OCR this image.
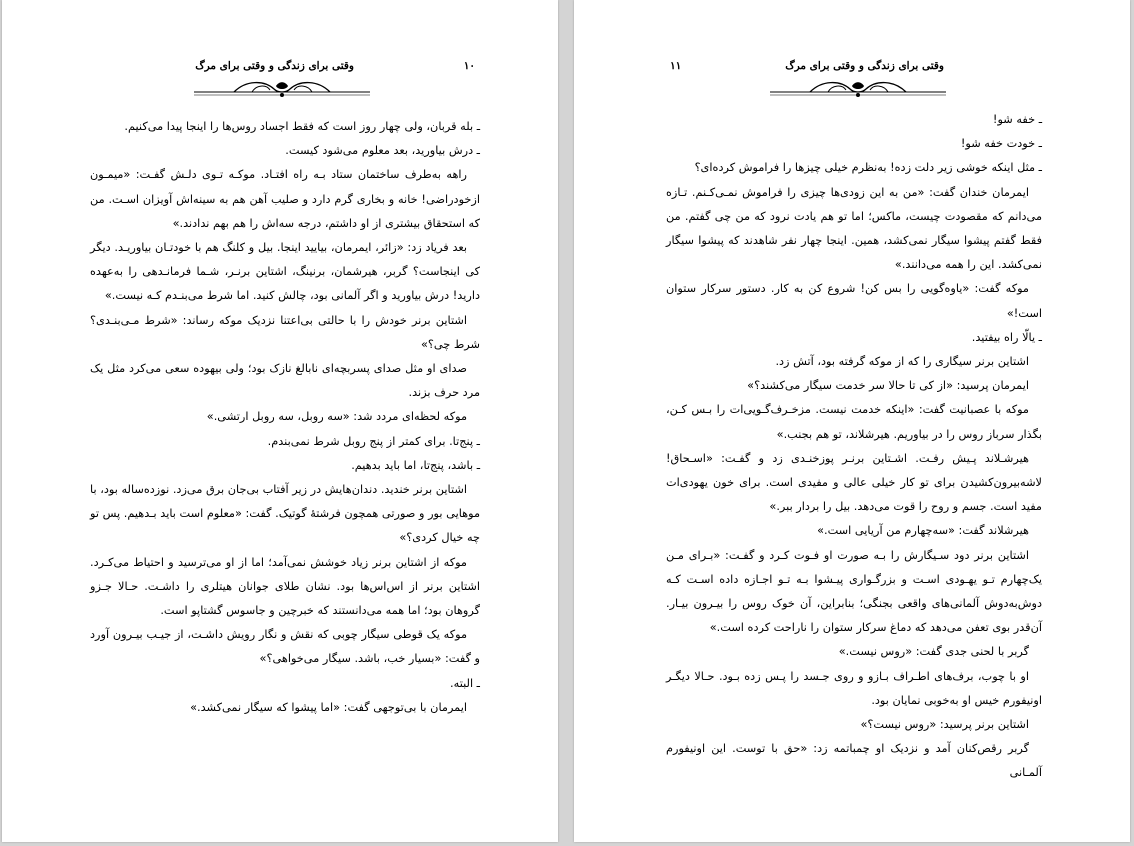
۱۰
وقتی برای زندگی و وقتی برای مرگ

ـ بله قربان، ولی چهار روز است که فقط اجساد روس‌ها را اینجا پیدا می‌کنیم.

ـ درش بیاورید، بعد معلوم می‌شود کیست.

راهه به‌طرف ساختمان ستاد بـه راه افتـاد. موکـه تـوی دلـش گفـت: «میمـون ازخودراضی! خانه و بخاری گرم دارد و صلیب آهن هم به سینه‌اش آویزان اسـت. من که استحقاق بیشتری از او داشتم، درجه سه‌اش را هم بهم ندادند.»

بعد فریاد زد: «زائر، ایمرمان، بیایید اینجا. بیل و کلنگ هم با خودتـان بیاوریـد. دیگر کی اینجاست؟ گربر، هیرشمان، برنینگ، اشتاین برنـر، شـما فرمانـدهی را به‌عهده دارید! درش بیاورید و اگر آلمانی بود، چالش کنید. اما شرط می‌بنـدم کـه نیست.»

اشتاین برنر خودش را با حالتی بی‌اعتنا نزدیک موکه رساند: «شرط مـی‌بنـدی؟ شرط چی؟»

صدای او مثل صدای پسربچه‌ای نابالغ نازک بود؛ ولی بیهوده سعی می‌کرد مثل یک مرد حرف بزند.

موکه لحظه‌ای مردد شد: «سه روبل، سه روبل ارتشی.»

ـ پنج‌تا. برای کمتر از پنج روبل شرط نمی‌بندم.

ـ باشد، پنج‌تا، اما باید بدهیم.

اشتاین برنر خندید. دندان‌هایش در زیر آفتاب بی‌جان برق می‌زد. نوزده‌ساله بود، با موهایی بور و صورتی همچون فرشتهٔ گوتیک. گفت: «معلوم است باید بـدهیم. پس تو چه خیال کردی؟»

موکه از اشتاین برنر زیاد خوشش نمی‌آمد؛ اما از او می‌ترسید و احتیاط می‌کـرد. اشتاین برنر از اس‌اس‌ها بود. نشان طلای جوانان هیتلری را داشـت. حـالا جـزو گروهان بود؛ اما همه می‌دانستند که خبرچین و جاسوس گشتاپو است.

موکه یک قوطی سیگار چوبی که نقش و نگار رویش داشـت، از جیـب بیـرون آورد و گفت: «بسیار خب، باشد. سیگار می‌خواهی؟»

ـ البته.

ایمرمان با بی‌توجهی گفت: «اما پیشوا که سیگار نمی‌کشد.»

۱۱	وقتی برای زندگی و وقتی برای مرگ

ـ خفه شو!

ـ خودت خفه شو!

ـ مثل اینکه خوشی زیر دلت زده! به‌نظرم خیلی چیزها را فراموش کرده‌ای؟

ایمرمان خندان گفت: «من به این زودی‌ها چیزی را فراموش نمـی‌کـنم. تـازه می‌دانم که مقصودت چیست، ماکس؛ اما تو هم یادت نرود که من چی گفتم. من فقط گفتم پیشوا سیگار نمی‌کشد، همین. اینجا چهار نفر شاهدند که پیشوا سیگار نمی‌کشد. این را همه می‌دانند.»

موکه گفت: «یاوه‌گویی را بس کن! شروع کن به کار. دستور سرکار ستوان است!»

ـ یالّا راه بیفتید.

اشتاین برنر سیگاری را که از موکه گرفته بود، آتش زد.

ایمرمان پرسید: «از کی تا حالا سر خدمت سیگار می‌کشند؟»

موکه با عصبانیت گفت: «اینکه خدمت نیست. مزخـرف‌گـویی‌ات را بـس کـن، بگذار سرباز روس را در بیاوریم. هیرشلاند، تو هم بجنب.»

هیرشـلاند پـیش رفـت. اشـتاین برنـر پوزخنـدی زد و گفـت: «اسـحاق! لاشه‌بیرون‌کشیدن برای تو کار خیلی عالی و مفیدی است. برای خون یهودی‌ات مفید است. جسم و روح را قوت می‌دهد. بیل را بردار ببر.»

هیرشلاند گفت: «سه‌چهارم من آریایی است.»

اشتاین برنر دود سـیگارش را بـه صورت او فـوت کـرد و گفـت: «بـرای مـن یک‌چهارم تـو یهـودی اسـت و بزرگـواری پیـشوا بـه تـو اجـازه داده اسـت کـه دوش‌به‌دوش آلمانی‌های واقعی بجنگی؛ بنابراین، آن خوک روس را بیـرون بیـار. آن‌قدر بوی تعفن می‌دهد که دماغ سرکار ستوان را ناراحت کرده است.»

گربر با لحنی جدی گفت: «روس نیست.»

او با چوب، برف‌های اطـراف بـازو و روی جـسد را پـس زده بـود. حـالا دیگـر اونیفورم خیس او به‌خوبی نمایان بود.

اشتاین برنر پرسید: «روس نیست؟»

گربر رقص‌کنان آمد و نزدیک او چمباتمه زد: «حق با توست. این اونیفورم آلمـانی
